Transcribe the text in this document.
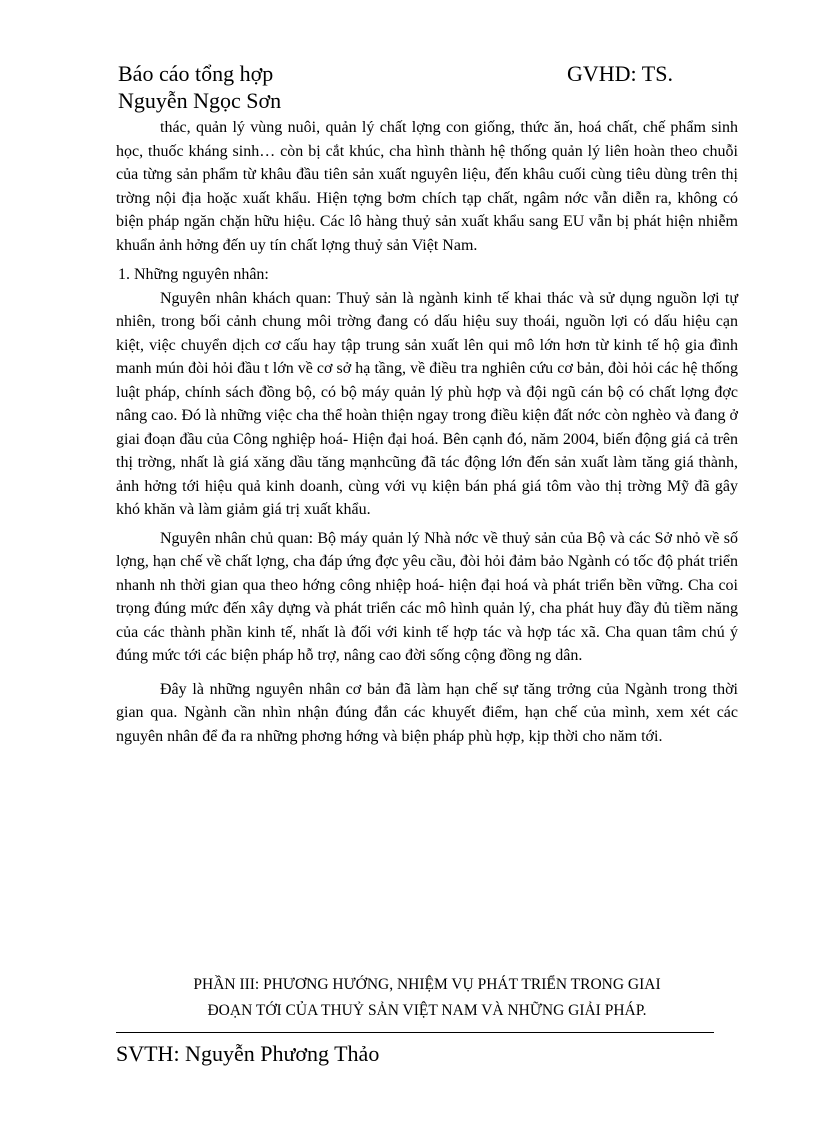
Báo cáo tổng hợp	GVHD: TS.
Nguyễn Ngọc Sơn

thác, quản lý vùng nuôi, quản lý chất lợng con giống, thức ăn, hoá chất, chế phẩm sinh học, thuốc kháng sinh… còn bị cắt khúc, cha hình thành hệ thống quản lý liên hoàn theo chuỗi của từng sản phẩm từ khâu đầu tiên sản xuất nguyên liệu, đến khâu cuối cùng tiêu dùng trên thị trờng nội địa hoặc xuất khẩu. Hiện tợng bơm chích tạp chất, ngâm nớc vẫn diễn ra, không có biện pháp ngăn chặn hữu hiệu. Các lô hàng thuỷ sản xuất khẩu sang EU vẫn bị phát hiện nhiễm khuẩn ảnh hởng đến uy tín chất lợng thuỷ sản Việt Nam.

1. Những nguyên nhân:

Nguyên nhân khách quan: Thuỷ sản là ngành kinh tế khai thác và sử dụng nguồn lợi tự nhiên, trong bối cảnh chung môi trờng đang có dấu hiệu suy thoái, nguồn lợi có dấu hiệu cạn kiệt, việc chuyển dịch cơ cấu hay tập trung sản xuất lên qui mô lớn hơn từ kinh tế hộ gia đình manh mún đòi hỏi đầu t lớn về cơ sở hạ tầng, về điều tra nghiên cứu cơ bản, đòi hỏi các hệ thống luật pháp, chính sách đồng bộ, có bộ máy quản lý phù hợp và đội ngũ cán bộ có chất lợng đợc nâng cao. Đó là những việc cha thể hoàn thiện ngay trong điều kiện đất nớc còn nghèo và đang ở giai đoạn đầu của Công nghiệp hoá- Hiện đại hoá. Bên cạnh đó, năm 2004, biến động giá cả trên thị trờng, nhất là giá xăng dầu tăng mạnhcũng đã tác động lớn đến sản xuất làm tăng giá thành, ảnh hởng tới hiệu quả kinh doanh, cùng với vụ kiện bán phá giá tôm vào thị trờng Mỹ đã gây khó khăn và làm giảm giá trị xuất khẩu.

Nguyên nhân chủ quan: Bộ máy quản lý Nhà nớc về thuỷ sản của Bộ và các Sở nhỏ về số lợng, hạn chế về chất lợng, cha đáp ứng đợc yêu cầu, đòi hỏi đảm bảo Ngành có tốc độ phát triển nhanh nh thời gian qua theo hớng công nhiệp hoá- hiện đại hoá và phát triển bền vững. Cha coi trọng đúng mức đến xây dựng và phát triển các mô hình quản lý, cha phát huy đầy đủ tiềm năng của các thành phần kinh tế, nhất là đối với kinh tế hợp tác và hợp tác xã. Cha quan tâm chú ý đúng mức tới các biện pháp hỗ trợ, nâng cao đời sống cộng đồng ng dân.

Đây là những nguyên nhân cơ bản đã làm hạn chế sự tăng trởng của Ngành trong thời gian qua. Ngành cần nhìn nhận đúng đắn các khuyết điểm, hạn chế của mình, xem xét các nguyên nhân để đa ra những phơng hớng và biện pháp phù hợp, kịp thời cho năm tới.

PHẦN III: PHƯƠNG HƯỚNG, NHIỆM VỤ PHÁT TRIỂN TRONG GIAI
ĐOẠN TỚI CỦA THUỶ SẢN VIỆT NAM VÀ NHỮNG GIẢI PHÁP.
SVTH: Nguyễn Phương Thảo
